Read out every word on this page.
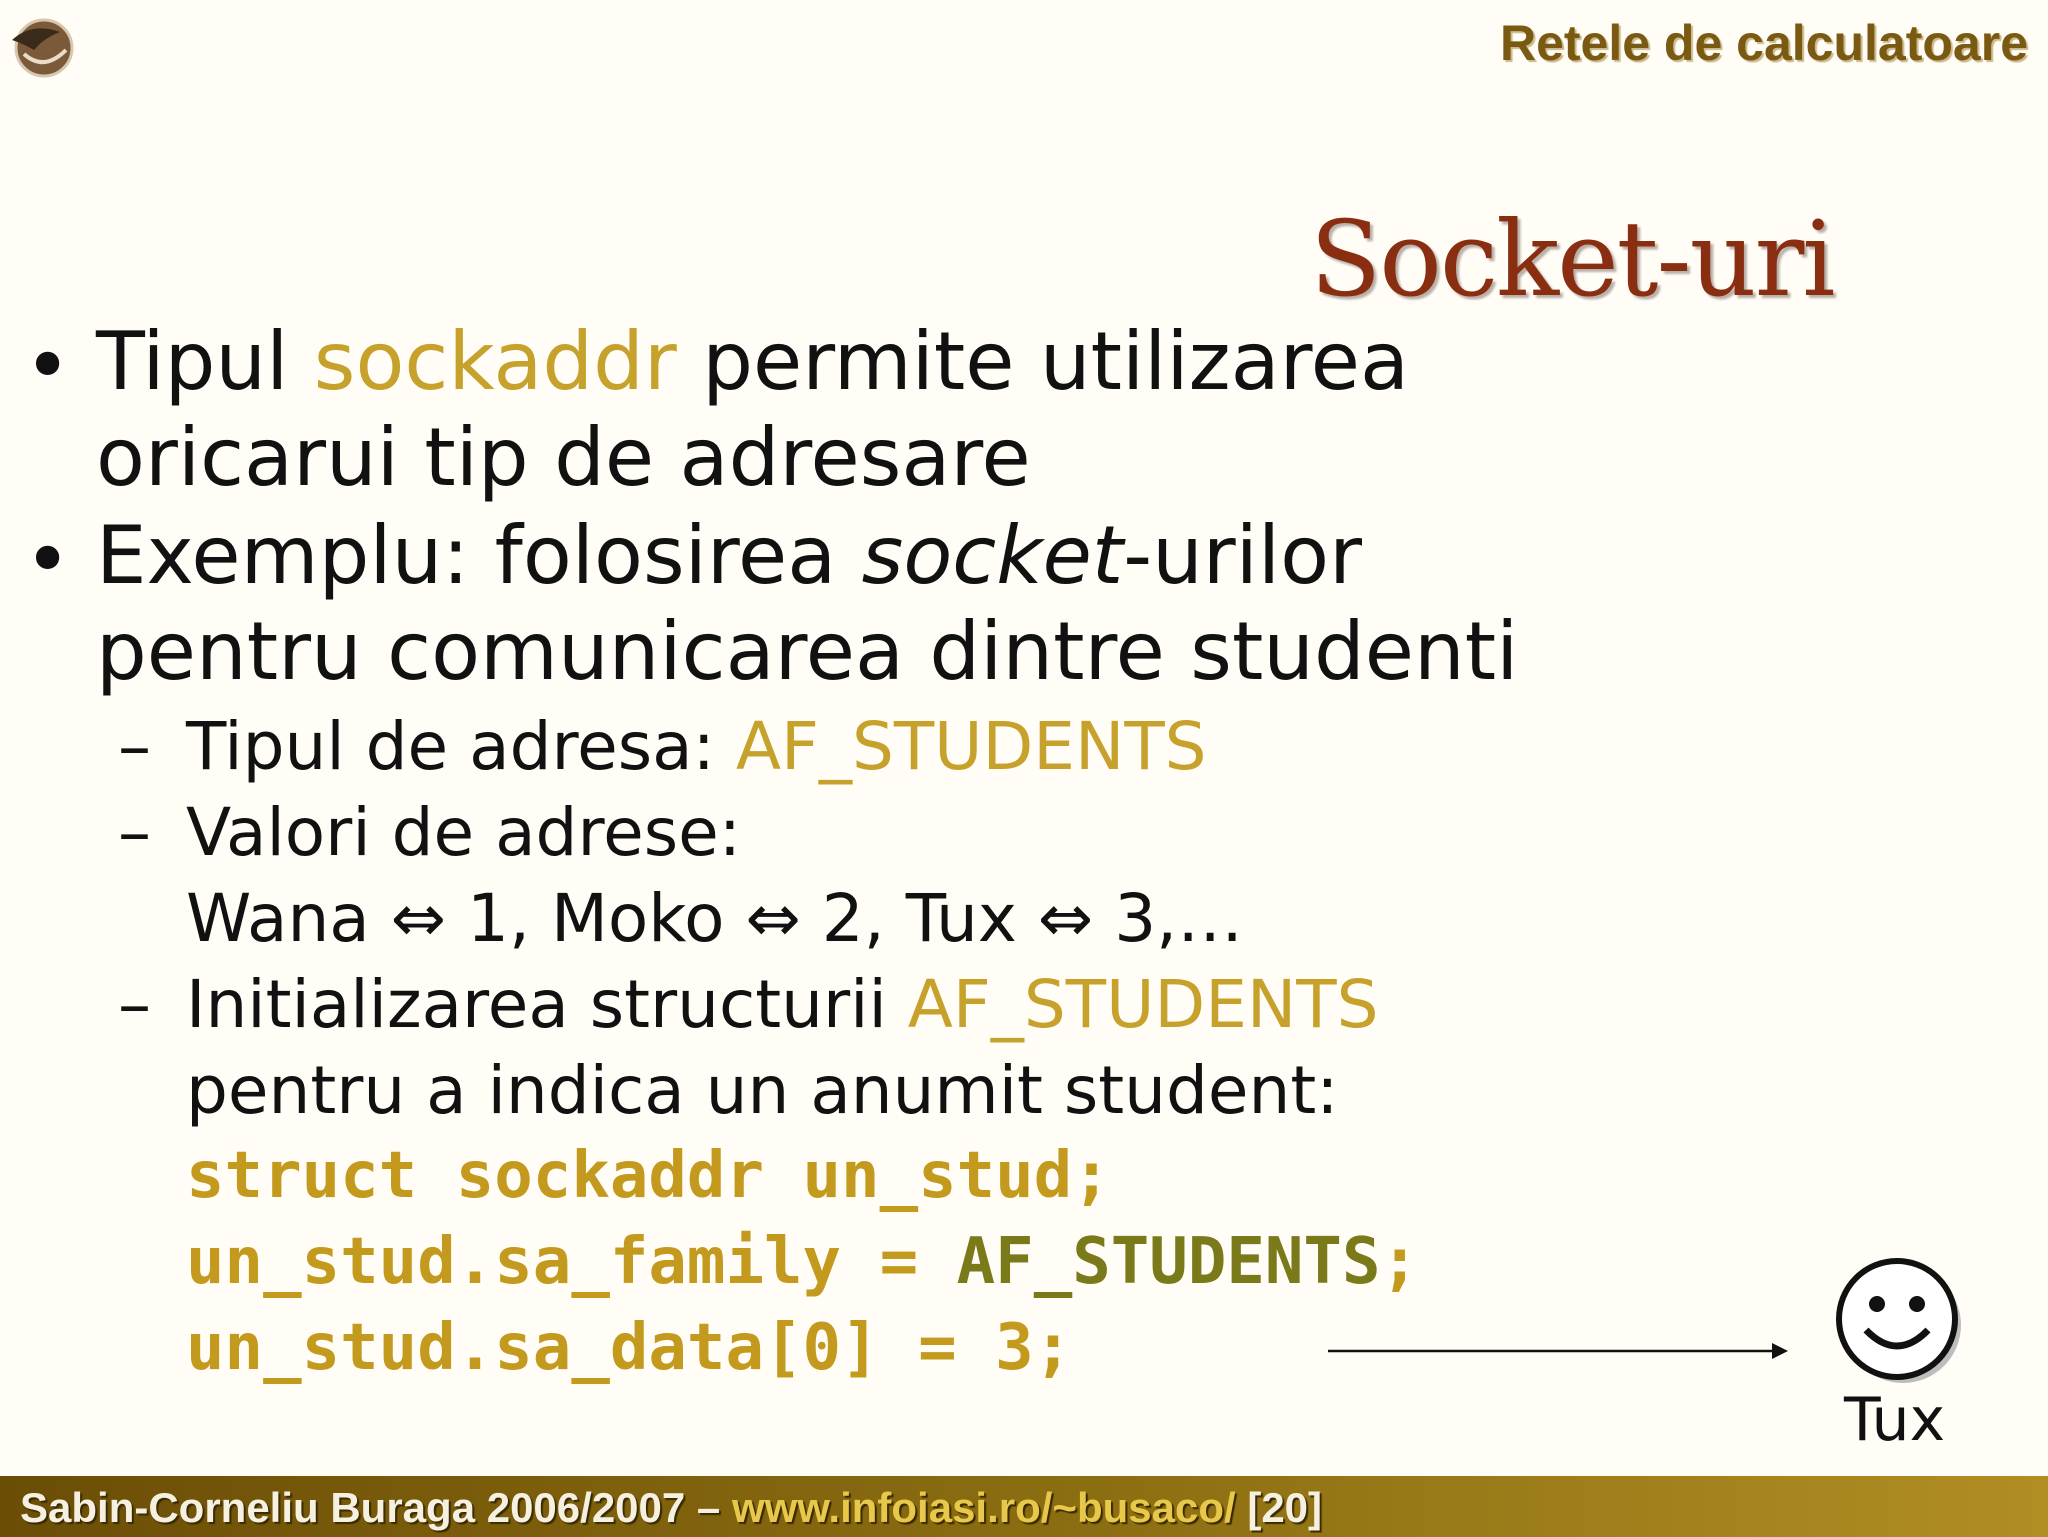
Retele de calculatoare
Socket-uri
• Tipul sockaddr permite utilizarea
oricarui tip de adresare
• Exemplu: folosirea socket-urilor
pentru comunicarea dintre studenti
– Tipul de adresa: AF_STUDENTS
– Valori de adrese:
Wana ⇔ 1, Moko ⇔ 2, Tux ⇔ 3,…
– Initializarea structurii AF_STUDENTS
pentru a indica un anumit student:
struct sockaddr un_stud;
un_stud.sa_family = AF_STUDENTS;
un_stud.sa_data[0] = 3;
Tux
Sabin-Corneliu Buraga 2006/2007 – www.infoiasi.ro/~busaco/ [20]
